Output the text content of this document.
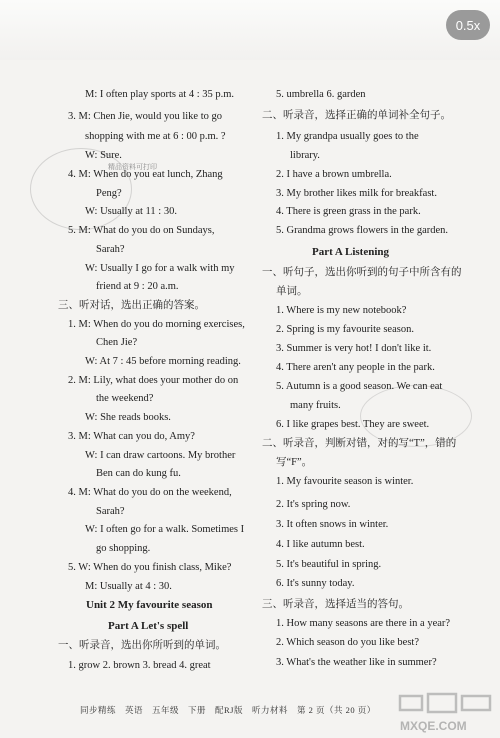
0.5x
精品资料可打印
M: I often play sports at 4 : 35 p.m.
3. M: Chen Jie, would you like to go
shopping with me at 6 : 00 p.m. ?
W: Sure.
4. M: When do you eat lunch, Zhang
Peng?
W: Usually at 11 : 30.
5. M: What do you do on Sundays,
Sarah?
W: Usually I go for a walk with my
friend at 9 : 20 a.m.
三、听对话，选出正确的答案。
1. M: When do you do morning exercises,
Chen Jie?
W: At 7 : 45 before morning reading.
2. M: Lily, what does your mother do on
the weekend?
W: She reads books.
3. M: What can you do, Amy?
W: I can draw cartoons. My brother
Ben can do kung fu.
4. M: What do you do on the weekend,
Sarah?
W: I often go for a walk. Sometimes I
go shopping.
5. W: When do you finish class, Mike?
M: Usually at 4 : 30.
Unit 2 My favourite season
Part A Let's spell
一、听录音，选出你所听到的单词。
1. grow 2. brown 3. bread 4. great
5. umbrella 6. garden
二、听录音，选择正确的单词补全句子。
1. My grandpa usually goes to the
library.
2. I have a brown umbrella.
3. My brother likes milk for breakfast.
4. There is green grass in the park.
5. Grandma grows flowers in the garden.
一、听句子，选出你听到的句子中所含有的
单词。
1. Where is my new notebook?
2. Spring is my favourite season.
3. Summer is very hot! I don't like it.
4. There aren't any people in the park.
5. Autumn is a good season. We can eat
many fruits.
6. I like grapes best. They are sweet.
二、听录音，判断对错，对的写“T”，错的
写“F”。
1. My favourite season is winter.
2. It's spring now.
3. It often snows in winter.
4. I like autumn best.
5. It's beautiful in spring.
6. It's sunny today.
三、听录音，选择适当的答句。
1. How many seasons are there in a year?
2. Which season do you like best?
3. What's the weather like in summer?
Part A Listening
同步精练　英语　五年级　下册　配RJ版　听力材料　第 2 页（共 20 页）
MXQE.COM
